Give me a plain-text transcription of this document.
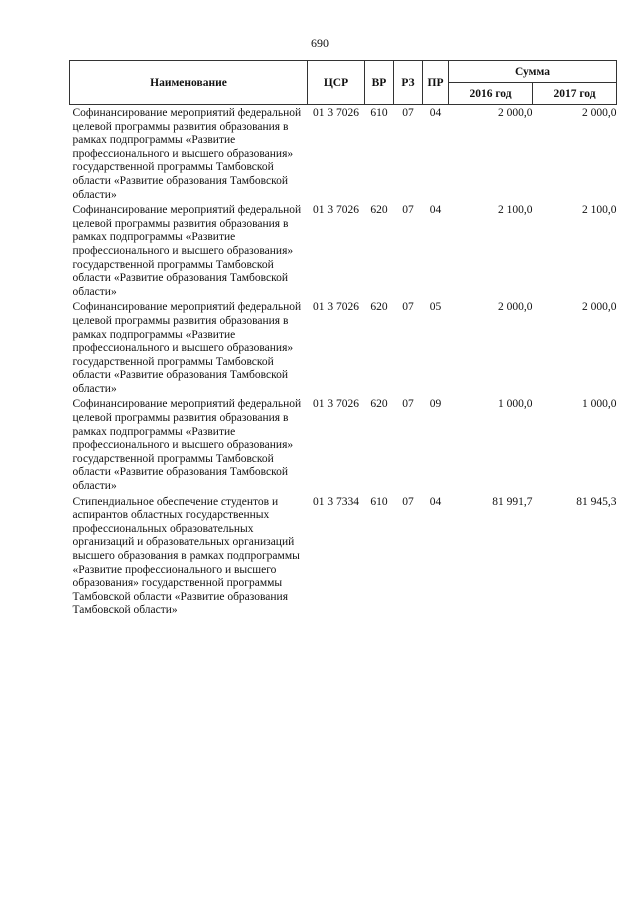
690
Наименование	ЦСР	ВР	РЗ	ПР	Сумма	
					2016 год	2017 год
Софинансирование мероприятий федеральной целевой программы развития образования в рамках подпрограммы «Развитие профессионального и высшего образования» государственной программы Тамбовской области «Развитие образования Тамбовской области»	01 3 7026	610	07	04	2 000,0	2 000,0
Софинансирование мероприятий федеральной целевой программы развития образования в рамках подпрограммы «Развитие профессионального и высшего образования» государственной программы Тамбовской области «Развитие образования Тамбовской области»	01 3 7026	620	07	04	2 100,0	2 100,0
Софинансирование мероприятий федеральной целевой программы развития образования в рамках подпрограммы «Развитие профессионального и высшего образования» государственной программы Тамбовской области «Развитие образования Тамбовской области»	01 3 7026	620	07	05	2 000,0	2 000,0
Софинансирование мероприятий федеральной целевой программы развития образования в рамках подпрограммы «Развитие профессионального и высшего образования» государственной программы Тамбовской области «Развитие образования Тамбовской области»	01 3 7026	620	07	09	1 000,0	1 000,0
Стипендиальное обеспечение студентов и аспирантов областных государственных профессиональных образовательных организаций и образовательных организаций высшего образования в рамках подпрограммы «Развитие профессионального и высшего образования» государственной программы Тамбовской области «Развитие образования Тамбовской области»	01 3 7334	610	07	04	81 991,7	81 945,3
